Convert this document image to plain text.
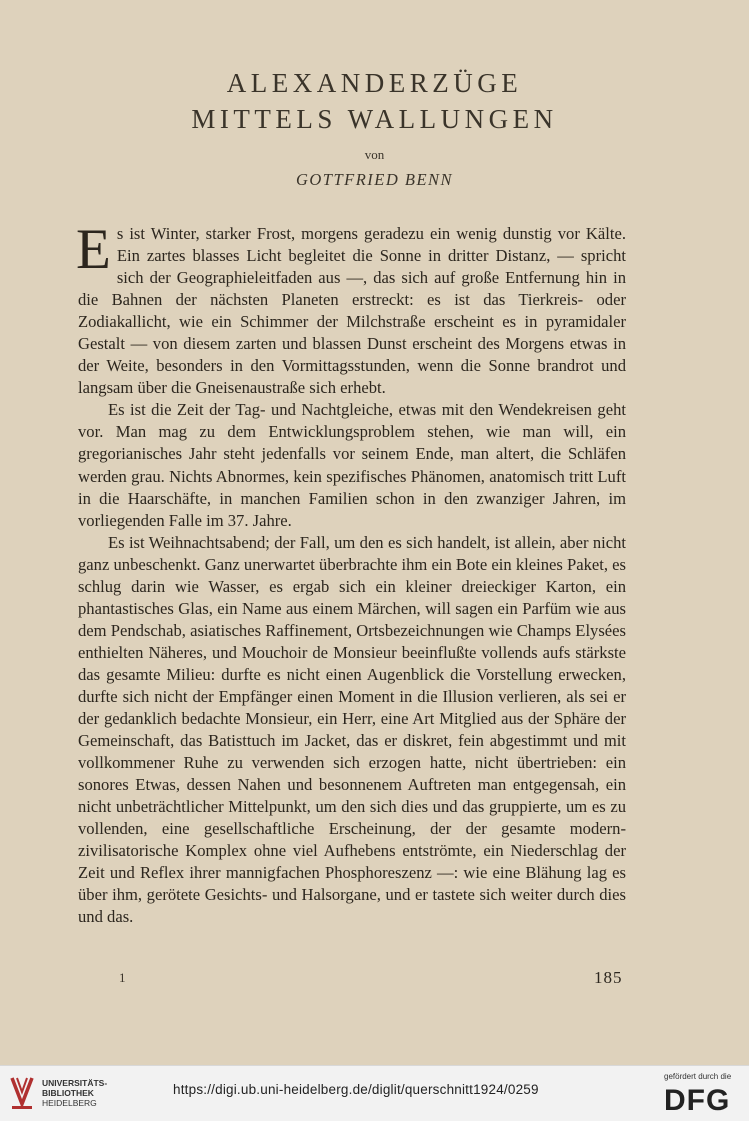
ALEXANDERZÜGE
MITTELS WALLUNGEN
von
GOTTFRIED BENN

Es ist Winter, starker Frost, morgens geradezu ein wenig dunstig vor Kälte. Ein zartes blasses Licht begleitet die Sonne in dritter Distanz, — spricht sich der Geographieleitfaden aus —, das sich auf große Entfernung hin in die Bahnen der nächsten Planeten erstreckt: es ist das Tierkreis- oder Zodiakallicht, wie ein Schimmer der Milchstraße erscheint es in pyramidaler Gestalt — von diesem zarten und blassen Dunst erscheint des Morgens etwas in der Weite, besonders in den Vormittagsstunden, wenn die Sonne brandrot und langsam über die Gneisenaustraße sich erhebt.

Es ist die Zeit der Tag- und Nachtgleiche, etwas mit den Wendekreisen geht vor. Man mag zu dem Entwicklungsproblem stehen, wie man will, ein gregorianisches Jahr steht jedenfalls vor seinem Ende, man altert, die Schläfen werden grau. Nichts Abnormes, kein spezifisches Phänomen, anatomisch tritt Luft in die Haarschäfte, in manchen Familien schon in den zwanziger Jahren, im vorliegenden Falle im 37. Jahre.

Es ist Weihnachtsabend; der Fall, um den es sich handelt, ist allein, aber nicht ganz unbeschenkt. Ganz unerwartet überbrachte ihm ein Bote ein kleines Paket, es schlug darin wie Wasser, es ergab sich ein kleiner dreieckiger Karton, ein phantastisches Glas, ein Name aus einem Märchen, will sagen ein Parfüm wie aus dem Pendschab, asiatisches Raffinement, Ortsbezeichnungen wie Champs Elysées enthielten Näheres, und Mouchoir de Monsieur beeinflußte vollends aufs stärkste das gesamte Milieu: durfte es nicht einen Augenblick die Vorstellung erwecken, durfte sich nicht der Empfänger einen Moment in die Illusion verlieren, als sei er der gedanklich bedachte Monsieur, ein Herr, eine Art Mitglied aus der Sphäre der Gemeinschaft, das Batisttuch im Jacket, das er diskret, fein abgestimmt und mit vollkommener Ruhe zu verwenden sich erzogen hatte, nicht übertrieben: ein sonores Etwas, dessen Nahen und besonnenem Auftreten man entgegensah, ein nicht unbeträchtlicher Mittelpunkt, um den sich dies und das gruppierte, um es zu vollenden, eine gesellschaftliche Erscheinung, der der gesamte modern-zivilisatorische Komplex ohne viel Aufhebens entströmte, ein Niederschlag der Zeit und Reflex ihrer mannigfachen Phosphoreszenz —: wie eine Blähung lag es über ihm, gerötete Gesichts- und Halsorgane, und er tastete sich weiter durch dies und das.

1	185
UNIVERSITÄTS-
BIBLIOTHEK
HEIDELBERG
https://digi.ub.uni-heidelberg.de/diglit/querschnitt1924/0259
gefördert durch die
DFG
